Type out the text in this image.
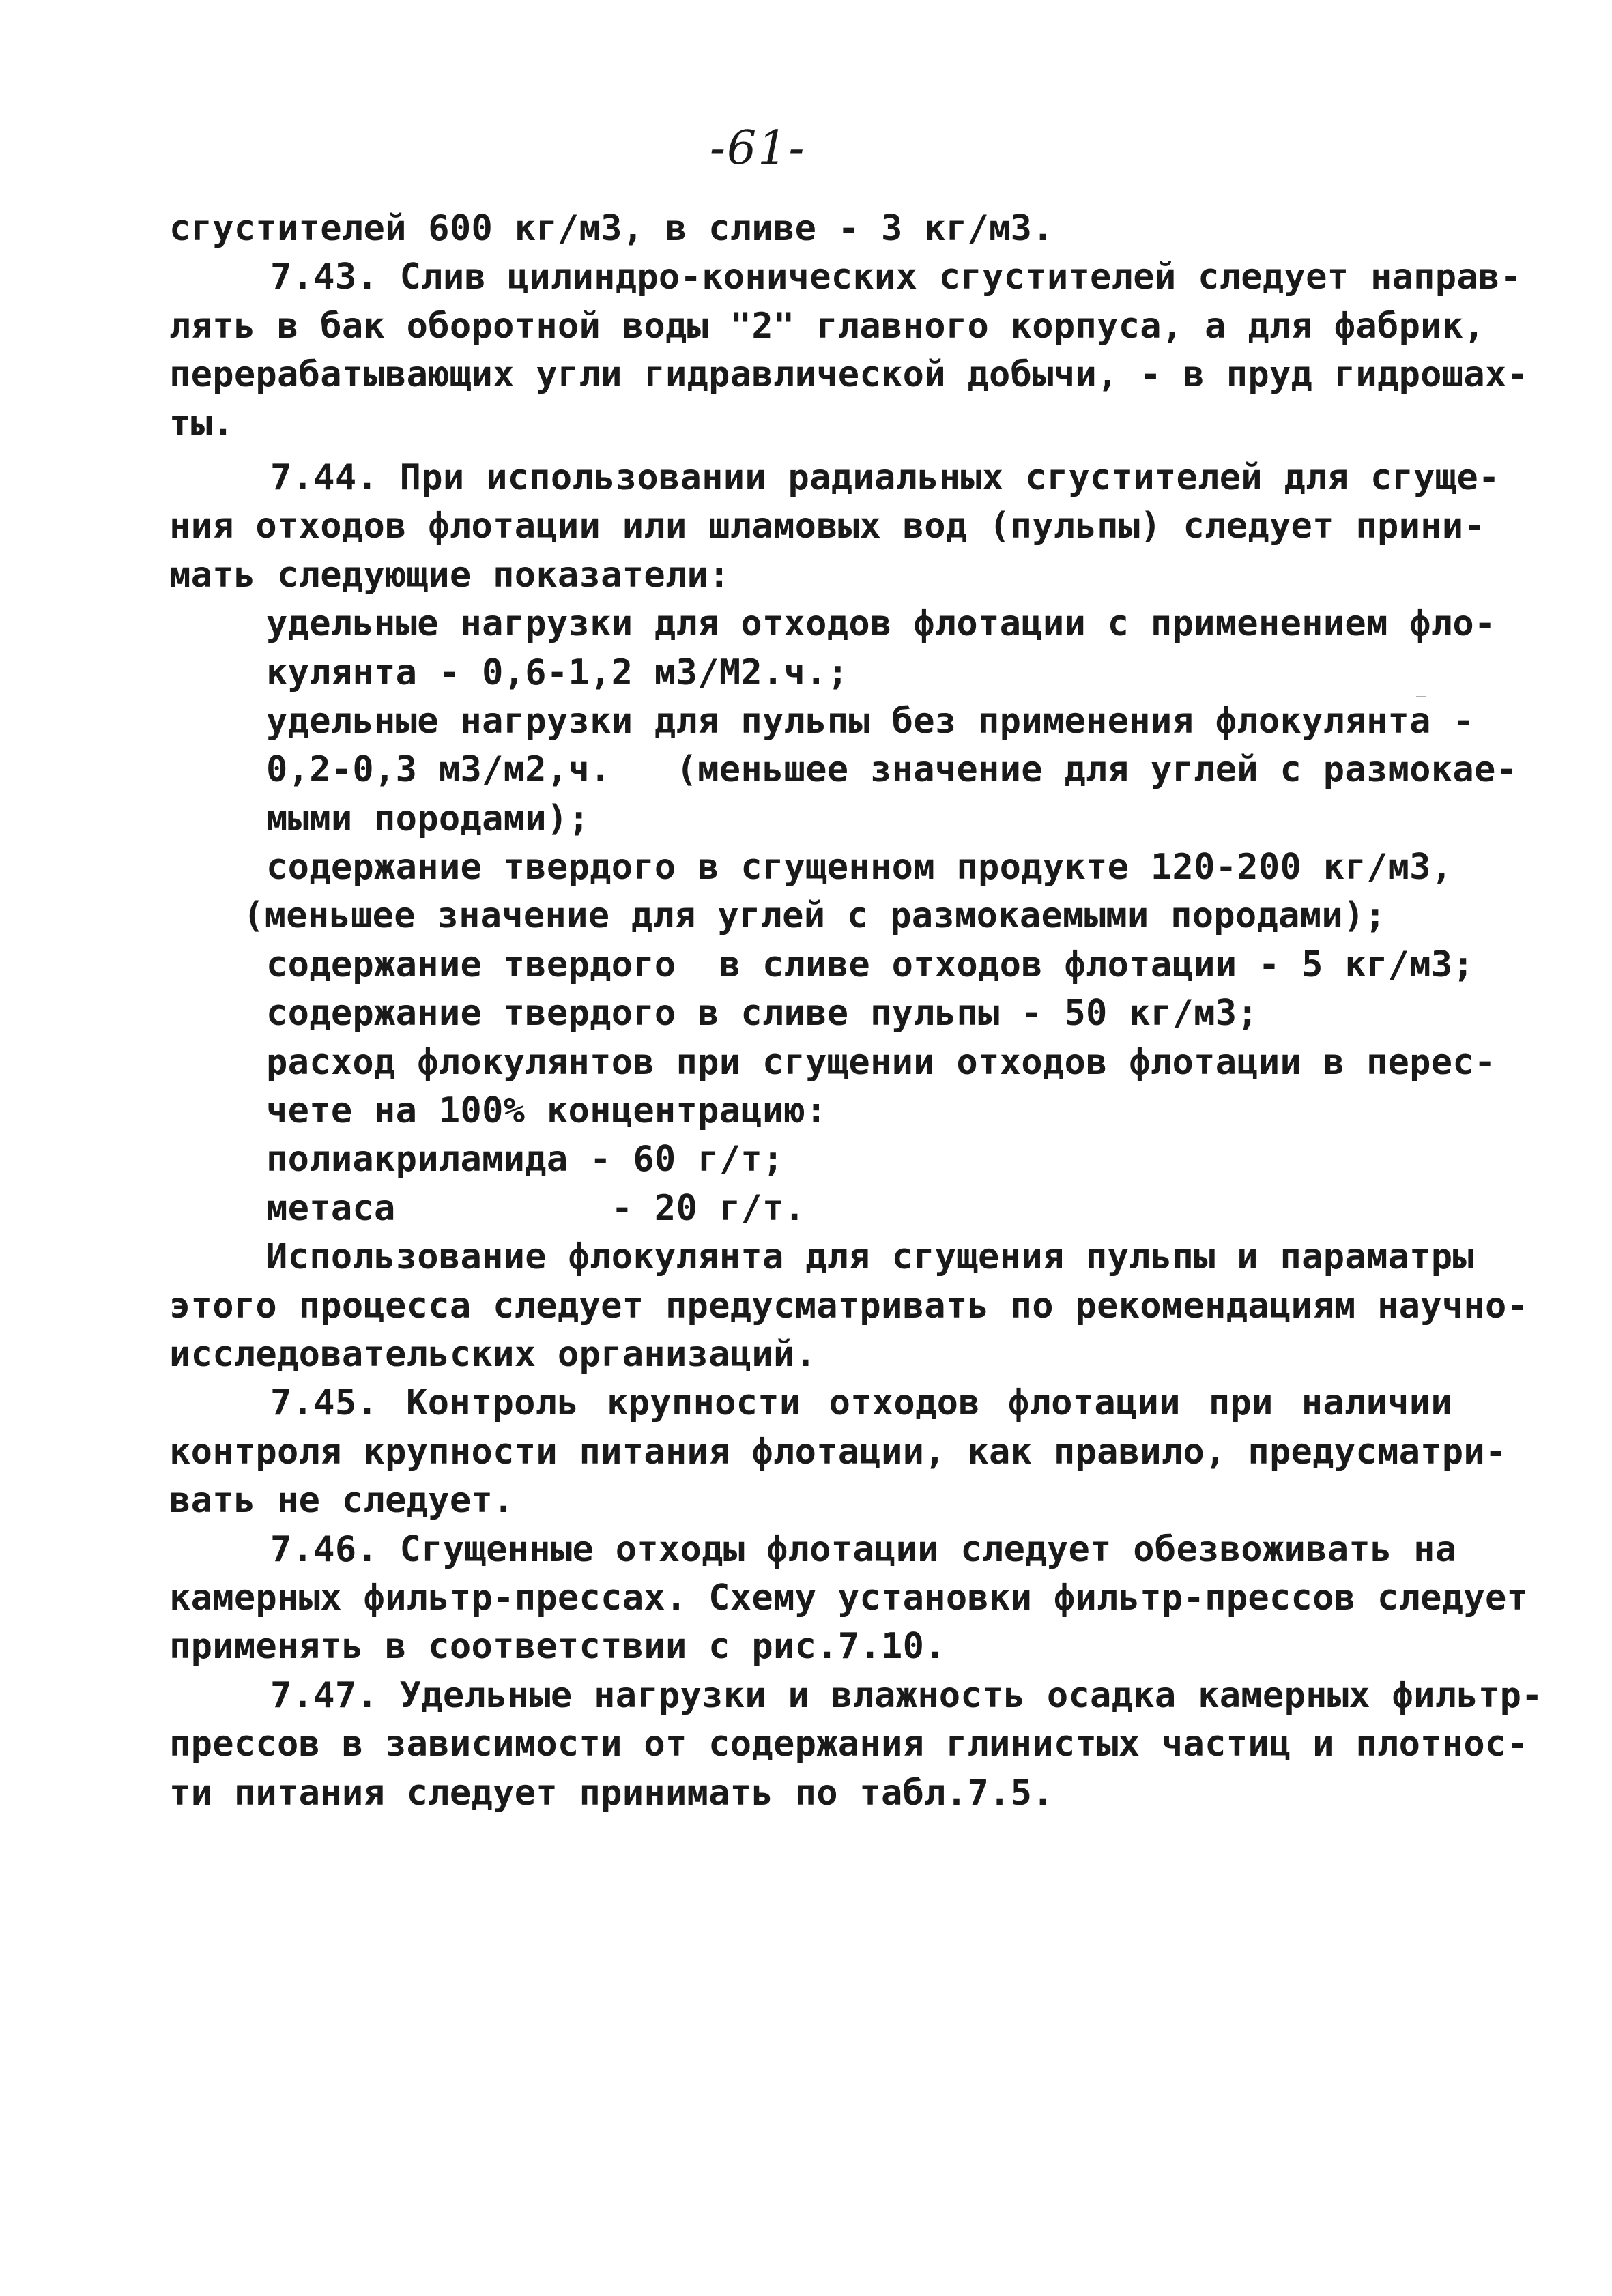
-61-
сгустителей 600 кг/м3, в сливе - 3 кг/м3.
7.43. Слив цилиндро-конических сгустителей следует направ-
лять в бак оборотной воды "2" главного корпуса, а для фабрик,
перерабатывающих угли гидравлической добычи, - в пруд гидрошах-
ты.
7.44. При использовании радиальных сгустителей для сгуще-
ния отходов флотации или шламовых вод (пульпы) следует прини-
мать следующие показатели:
удельные нагрузки для отходов флотации с применением фло-
кулянта - 0,6-1,2 м3/М2.ч.;
удельные нагрузки для пульпы без применения флокулянта -
0,2-0,3 м3/м2,ч.   (меньшее значение для углей с размокае-
мыми породами);
содержание твердого в сгущенном продукте 120-200 кг/м3,
(меньшее значение для углей с размокаемыми породами);
содержание твердого  в сливе отходов флотации - 5 кг/м3;
содержание твердого в сливе пульпы - 50 кг/м3;
расход флокулянтов при сгущении отходов флотации в перес-
чете на 100% концентрацию:
полиакриламида - 60 г/т;
метаса          - 20 г/т.
Использование флокулянта для сгущения пульпы и параматры
этого процесса следует предусматривать по рекомендациям научно-
исследовательских организаций.
7.45. Контроль крупности отходов флотации при наличии
контроля крупности питания флотации, как правило, предусматри-
вать не следует.
7.46. Сгущенные отходы флотации следует обезвоживать на
камерных фильтр-прессах. Схему установки фильтр-прессов следует
применять в соответствии с рис.7.10.
7.47. Удельные нагрузки и влажность осадка камерных фильтр-
прессов в зависимости от содержания глинистых частиц и плотнос-
ти питания следует принимать по табл.7.5.
